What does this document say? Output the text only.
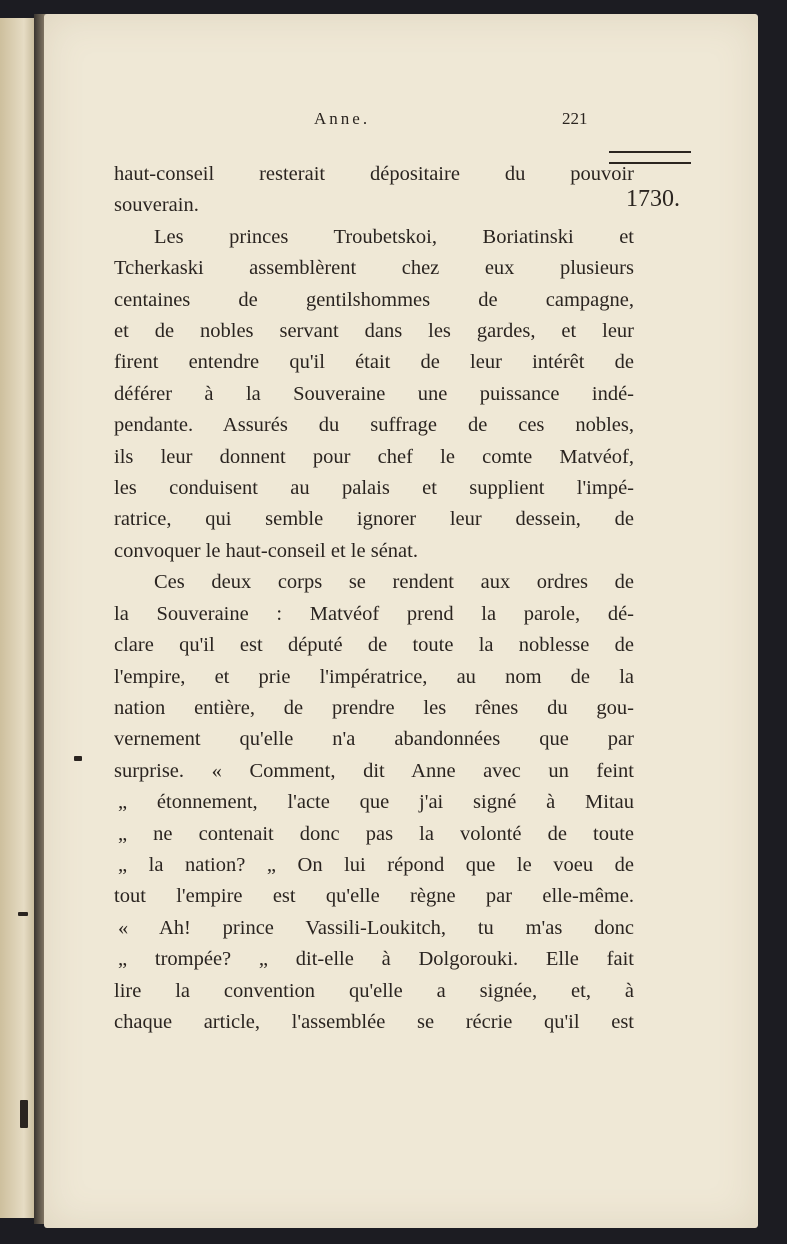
Anne.	221
1730.
haut-conseil resterait dépositaire du pouvoir
souverain.
Les princes Troubetskoi, Boriatinski et
Tcherkaski assemblèrent chez eux plusieurs
centaines de gentilshommes de campagne,
et de nobles servant dans les gardes, et leur
firent entendre qu'il était de leur intérêt de
déférer à la Souveraine une puissance indé-
pendante. Assurés du suffrage de ces nobles,
ils leur donnent pour chef le comte Matvéof,
les conduisent au palais et supplient l'impé-
ratrice, qui semble ignorer leur dessein, de
convoquer le haut-conseil et le sénat.
Ces deux corps se rendent aux ordres de
la Souveraine : Matvéof prend la parole, dé-
clare qu'il est député de toute la noblesse de
l'empire, et prie l'impératrice, au nom de la
nation entière, de prendre les rênes du gou-
vernement qu'elle n'a abandonnées que par
surprise. « Comment, dit Anne avec un feint
„ étonnement, l'acte que j'ai signé à Mitau
„ ne contenait donc pas la volonté de toute
„ la nation? „ On lui répond que le voeu de
tout l'empire est qu'elle règne par elle-même.
« Ah! prince Vassili-Loukitch, tu m'as donc
„ trompée? „ dit-elle à Dolgorouki. Elle fait
lire la convention qu'elle a signée, et, à
chaque article, l'assemblée se récrie qu'il est
